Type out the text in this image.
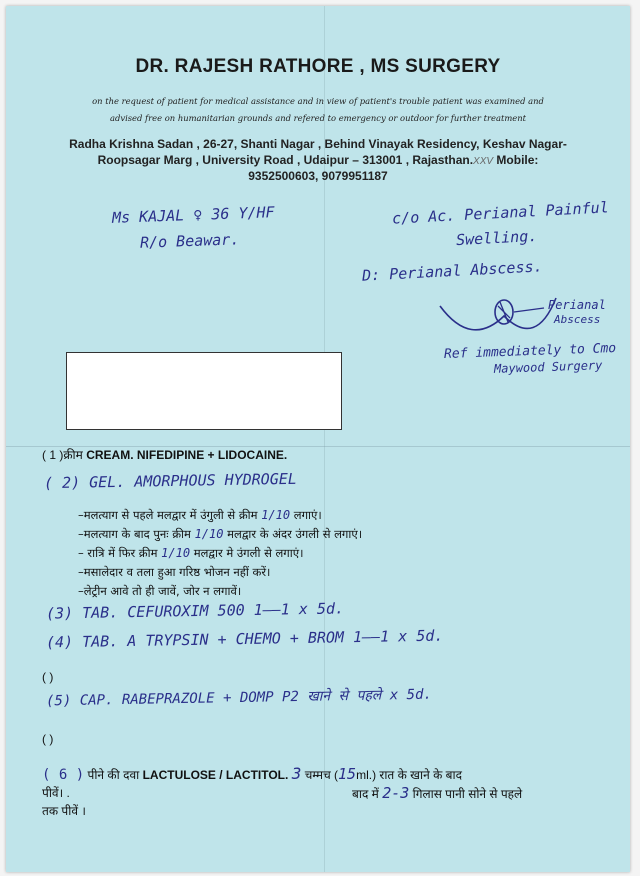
DR. RAJESH RATHORE , MS SURGERY
on the request of patient for medical assistance and in view of patient's trouble patient was examined and
advised free on humanitarian grounds and refered to emergency or outdoor for further treatment
Radha Krishna Sadan , 26-27, Shanti Nagar , Behind Vinayak Residency, Keshav Nagar-
Roopsagar Marg , University Road , Udaipur – 313001 , Rajasthan.XXV Mobile:
9352500603, 9079951187
Ms KAJAL ♀ 36 Y/HF
R/o Beawar.
c/o Ac. Perianal Painful
Swelling.
D: Perianal Abscess.
Perianal
Abscess
Ref immediately to Cmo
Maywood Surgery
( 1 )क्रीम CREAM. NIFEDIPINE + LIDOCAINE.
( 2) GEL. AMORPHOUS HYDROGEL
–मलत्याग से पहले मलद्वार में उंगुली से क्रीम 1/10 लगाएं।
–मलत्याग के बाद पुनः क्रीम 1/10 मलद्वार के अंदर उंगली से लगाएं।
– रात्रि में फिर क्रीम 1/10 मलद्वार मे उंगली से लगाएं।
–मसालेदार व तला हुआ गरिष्ठ भोजन नहीं करें।
–लेट्रीन आवे तो ही जावें, जोर न लगावें।
(3) TAB. CEFUROXIM 500 1——1 x 5d.
(4) TAB. A TRYPSIN + CHEMO + BROM 1——1 x 5d.
( )
(5) CAP. RABEPRAZOLE + DOMP P2 खाने से पहले x 5d.
( )
( 6 ) पीने की दवा LACTULOSE / LACTITOL. 3 चम्मच (15ml.) रात के खाने के बाद
पीवें। .	बाद में 2-3 गिलास पानी सोने से पहले
तक पीवें ।
